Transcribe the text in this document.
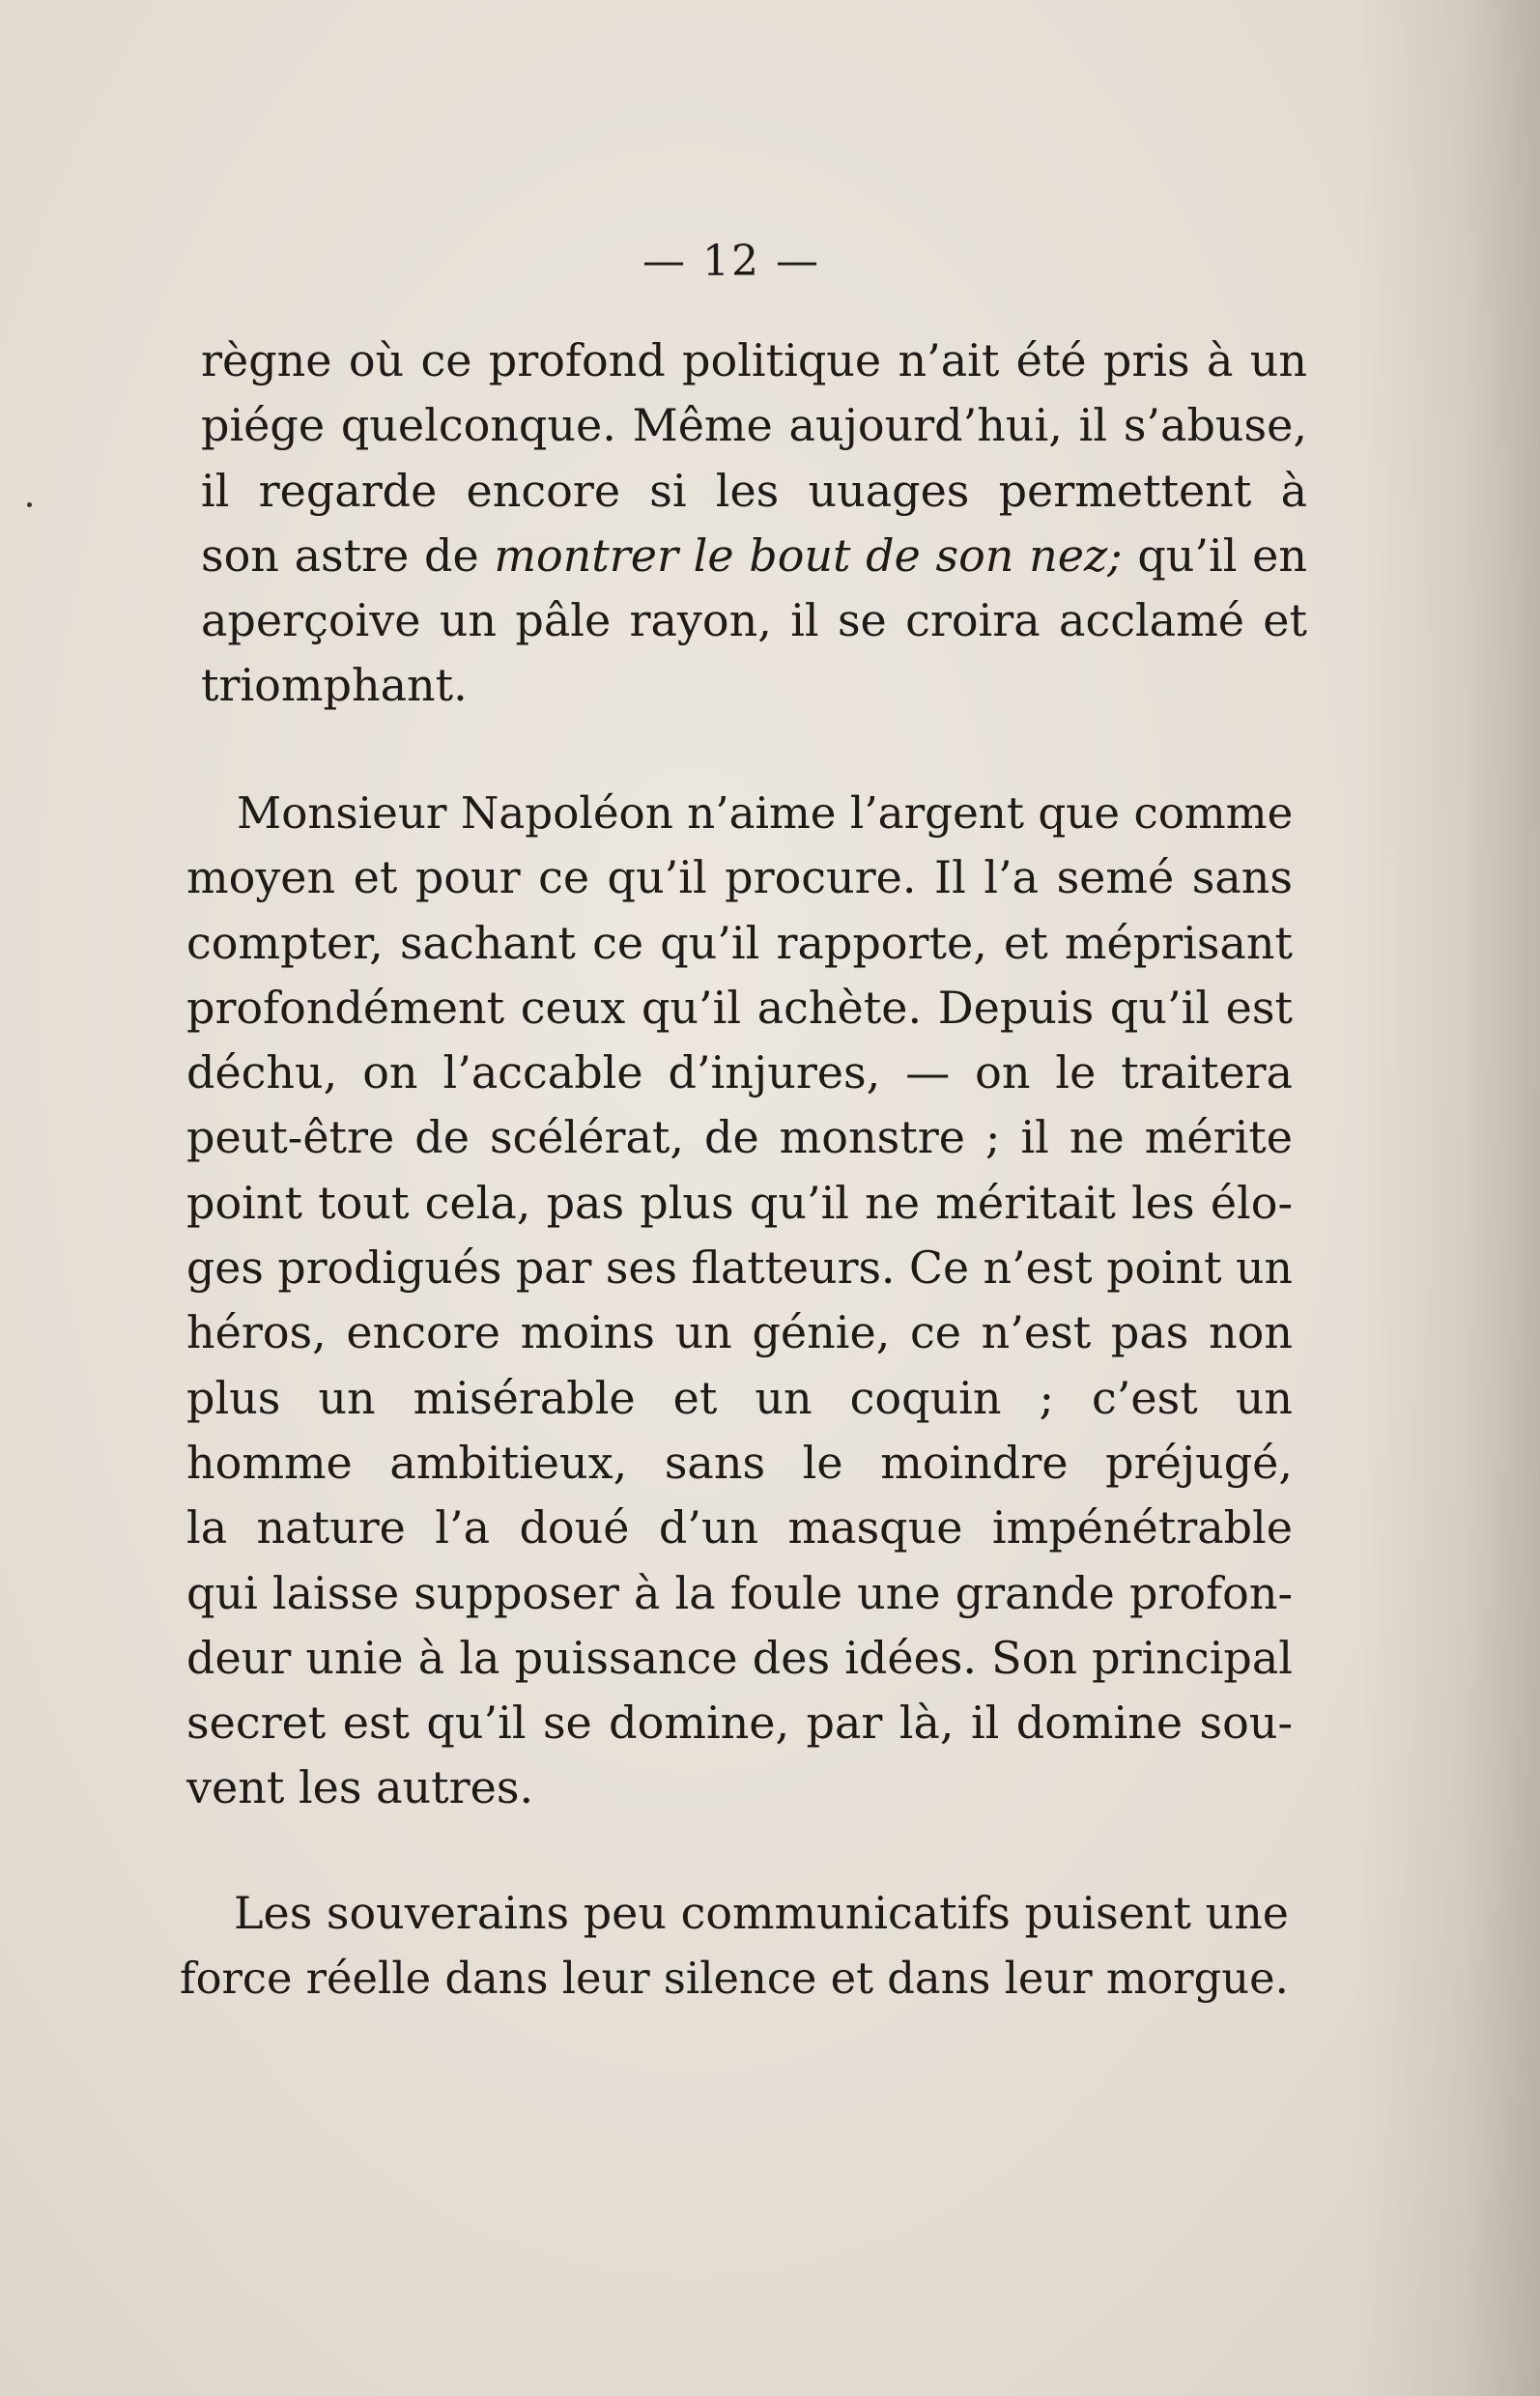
— 12 —
règne où ce profond politique n’ait été pris à un
piége quelconque. Même aujourd’hui, il s’abuse,
il regarde encore si les uuages permettent à
son astre de montrer le bout de son nez; qu’il en
aperçoive un pâle rayon, il se croira acclamé et
triomphant.
Monsieur Napoléon n’aime l’argent que comme
moyen et pour ce qu’il procure. Il l’a semé sans
compter, sachant ce qu’il rapporte, et méprisant
profondément ceux qu’il achète. Depuis qu’il est
déchu, on l’accable d’injures, — on le traitera
peut-être de scélérat, de monstre ; il ne mérite
point tout cela, pas plus qu’il ne méritait les élo-
ges prodigués par ses flatteurs. Ce n’est point un
héros, encore moins un génie, ce n’est pas non
plus un misérable et un coquin ; c’est un
homme ambitieux, sans le moindre préjugé,
la nature l’a doué d’un masque impénétrable
qui laisse supposer à la foule une grande profon-
deur unie à la puissance des idées. Son principal
secret est qu’il se domine, par là, il domine sou-
vent les autres.
Les souverains peu communicatifs puisent une
force réelle dans leur silence et dans leur morgue.
